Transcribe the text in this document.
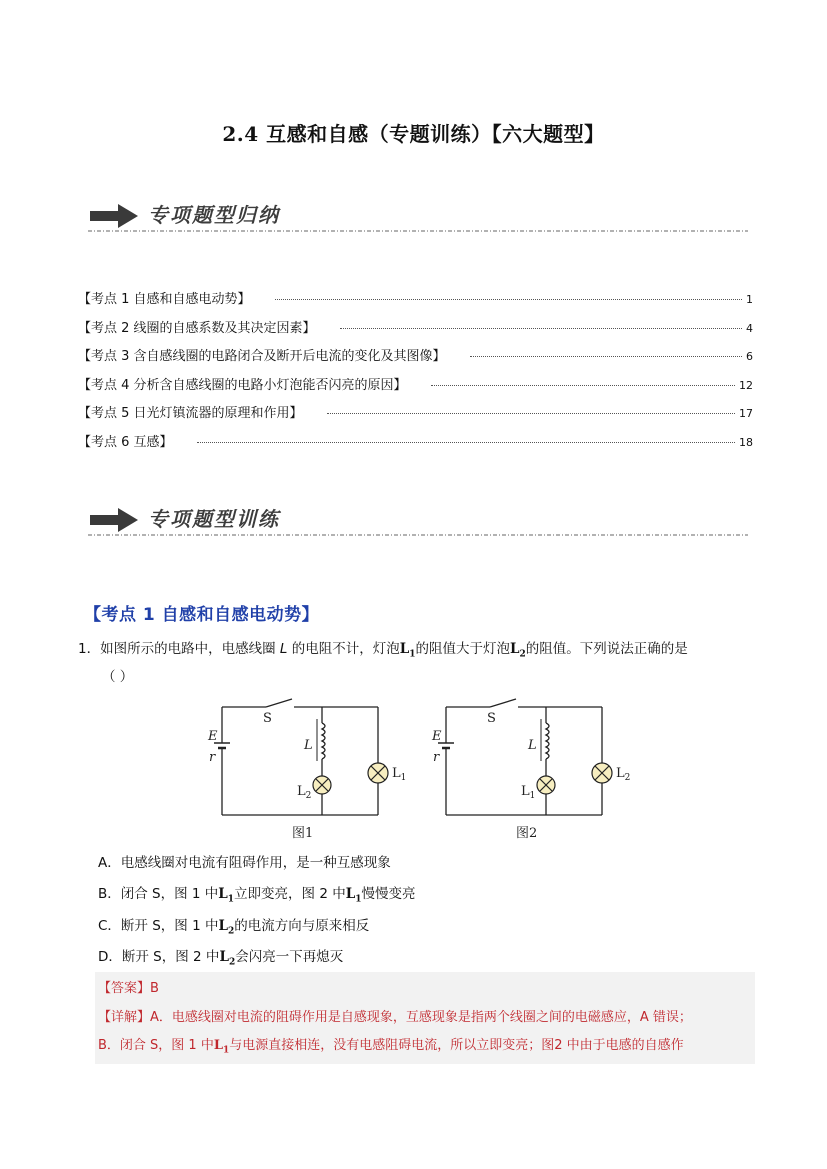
2.4 互感和自感（专题训练）【六大题型】
专项题型归纳
【考点 1 自感和自感电动势】	1
【考点 2 线圈的自感系数及其决定因素】	4
【考点 3 含自感线圈的电路闭合及断开后电流的变化及其图像】	6
【考点 4 分析含自感线圈的电路小灯泡能否闪亮的原因】	12
【考点 5 日光灯镇流器的原理和作用】	17
【考点 6 互感】	18
专项题型训练
【考点 1 自感和自感电动势】
1．如图所示的电路中，电感线圈 L 的电阻不计，灯泡$L_1$的阻值大于灯泡$L_2$的阻值。下列说法正确的是
（ ）
E
r
S
L
$L_2$
$L_1$
图1
E
r
S
L
$L_1$
$L_2$
图2
A．电感线圈对电流有阻碍作用，是一种互感现象
B．闭合 S，图 1 中$L_1$立即变亮，图 2 中$L_1$慢慢变亮
C．断开 S，图 1 中$L_2$的电流方向与原来相反
D．断开 S，图 2 中$L_2$会闪亮一下再熄灭
【答案】B
【详解】A．电感线圈对电流的阻碍作用是自感现象，互感现象是指两个线圈之间的电磁感应，A 错误；
B．闭合 S，图 1 中$L_1$与电源直接相连，没有电感阻碍电流，所以立即变亮；图2 中由于电感的自感作
